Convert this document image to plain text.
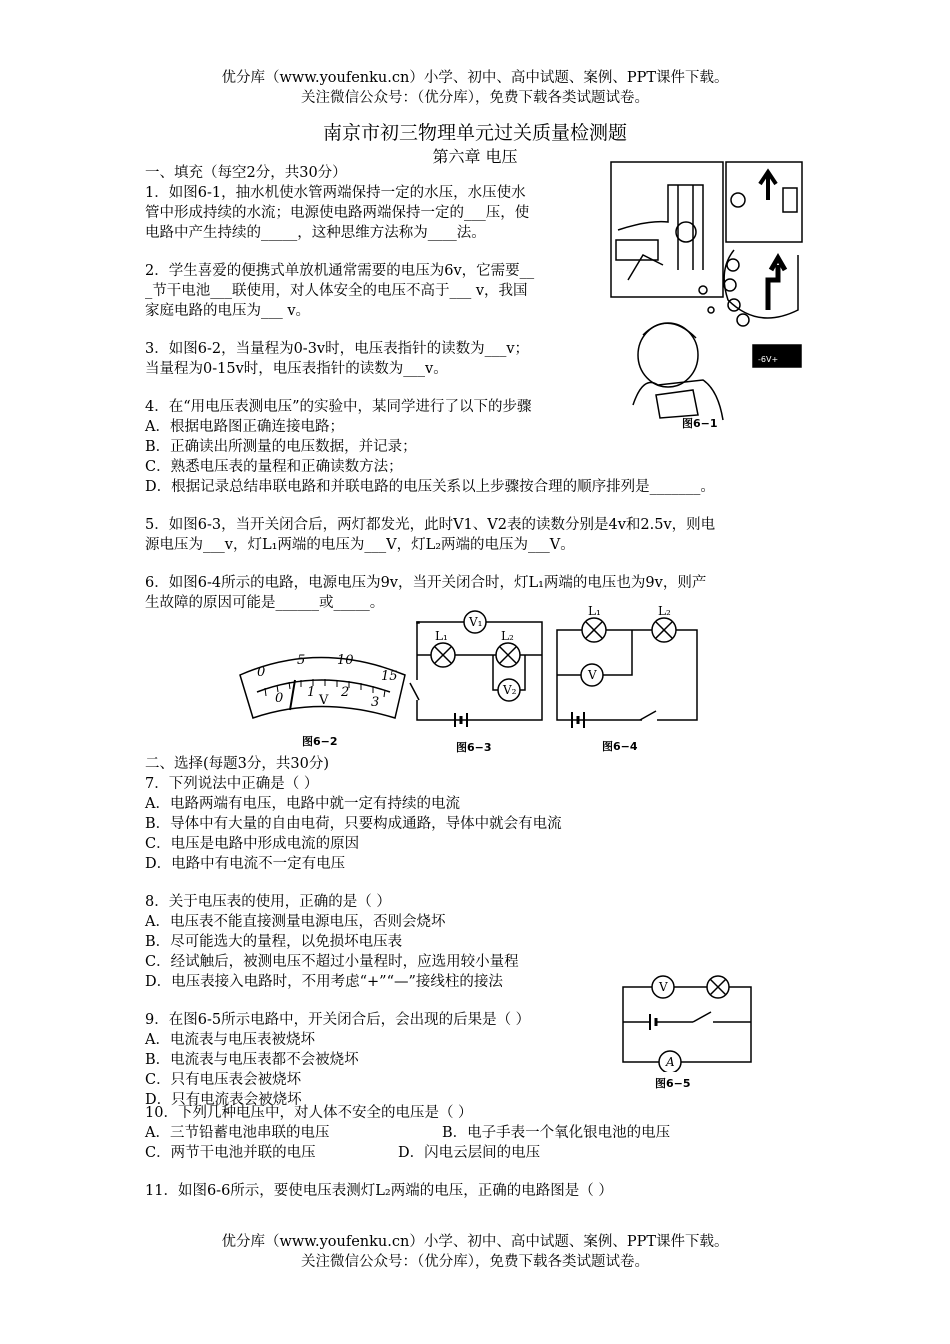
优分库（www.youfenku.cn）小学、初中、高中试题、案例、PPT课件下载。
关注微信公众号：（优分库），免费下载各类试题试卷。
南京市初三物理单元过关质量检测题
第六章 电压
一、填充（每空2分，共30分）
1．如图6-1，抽水机使水管两端保持一定的水压，水压使水
管中形成持续的水流；电源使电路两端保持一定的___压，使
电路中产生持续的_____，这种思维方法称为____法。
2．学生喜爱的便携式单放机通常需要的电压为6v，它需要__
_节干电池___联使用，对人体安全的电压不高于___ v，我国
家庭电路的电压为___ v。
3．如图6-2，当量程为0-3v时，电压表指针的读数为___v；
当量程为0-15v时，电压表指针的读数为___v。
4．在“用电压表测电压”的实验中，某同学进行了以下的步骤
A．根据电路图正确连接电路；
B．正确读出所测量的电压数据，并记录；
C．熟悉电压表的量程和正确读数方法；
D．根据记录总结串联电路和并联电路的电压关系以上步骤按合理的顺序排列是_______。
5．如图6-3，当开关闭合后，两灯都发光，此时V1、V2表的读数分别是4v和2.5v，则电
源电压为___v，灯L₁两端的电压为___V，灯L₂两端的电压为___V。
6．如图6-4所示的电路，电源电压为9v，当开关闭合时，灯L₁两端的电压也为9v，则产
生故障的原因可能是______或_____。
-6V+
图6−1
0
5 10
15
0 1 2
3
V
图6−2
V₁
L₁	L₂
V₂
图6−3
L₁	L₂
V
图6−4
二、选择(每题3分，共30分)
7．下列说法中正确是（ ）
A．电路两端有电压，电路中就一定有持续的电流
B．导体中有大量的自由电荷，只要构成通路，导体中就会有电流
C．电压是电路中形成电流的原因
D．电路中有电流不一定有电压
8．关于电压表的使用，正确的是（ ）
A．电压表不能直接测量电源电压，否则会烧坏
B．尽可能选大的量程，以免损坏电压表
C．经试触后，被测电压不超过小量程时，应选用较小量程
D．电压表接入电路时，不用考虑“+”“—”接线柱的接法
9．在图6-5所示电路中，开关闭合后，会出现的后果是（ ）
A．电流表与电压表被烧坏
B．电流表与电压表都不会被烧坏
C．只有电压表会被烧坏
D．只有电流表会被烧坏
V
A
图6−5
10．下列几种电压中，对人体不安全的电压是（ ）
A．三节铅蓄电池串联的电压	B．电子手表一个氧化银电池的电压
C．两节干电池并联的电压	D．闪电云层间的电压
11．如图6-6所示，要使电压表测灯L₂两端的电压，正确的电路图是（ ）
优分库（www.youfenku.cn）小学、初中、高中试题、案例、PPT课件下载。
关注微信公众号：（优分库），免费下载各类试题试卷。
